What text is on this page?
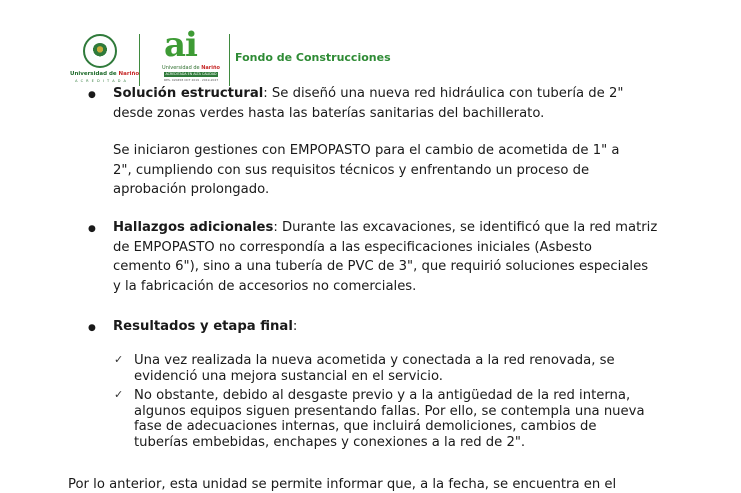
Universidad de Nariño
A C R E D I T A D A
ai
Universidad de Nariño
ACREDITADA EN ALTA CALIDAD
RES. 020458 OCT 2019 · 2019-2027
Fondo de Construcciones
● Solución estructural: Se diseñó una nueva red hidráulica con tubería de 2"
desde zonas verdes hasta las baterías sanitarias del bachillerato.

Se iniciaron gestiones con EMPOPASTO para el cambio de acometida de 1" a
2", cumpliendo con sus requisitos técnicos y enfrentando un proceso de
aprobación prolongado.

● Hallazgos adicionales: Durante las excavaciones, se identificó que la red matriz
de EMPOPASTO no correspondía a las especificaciones iniciales (Asbesto
cemento 6"), sino a una tubería de PVC de 3", que requirió soluciones especiales
y la fabricación de accesorios no comerciales.

● Resultados y etapa final:

✓ Una vez realizada la nueva acometida y conectada a la red renovada, se
evidenció una mejora sustancial en el servicio.

✓ No obstante, debido al desgaste previo y a la antigüedad de la red interna,
algunos equipos siguen presentando fallas. Por ello, se contempla una nueva
fase de adecuaciones internas, que incluirá demoliciones, cambios de
tuberías embebidas, enchapes y conexiones a la red de 2".

Por lo anterior, esta unidad se permite informar que, a la fecha, se encuentra en el
